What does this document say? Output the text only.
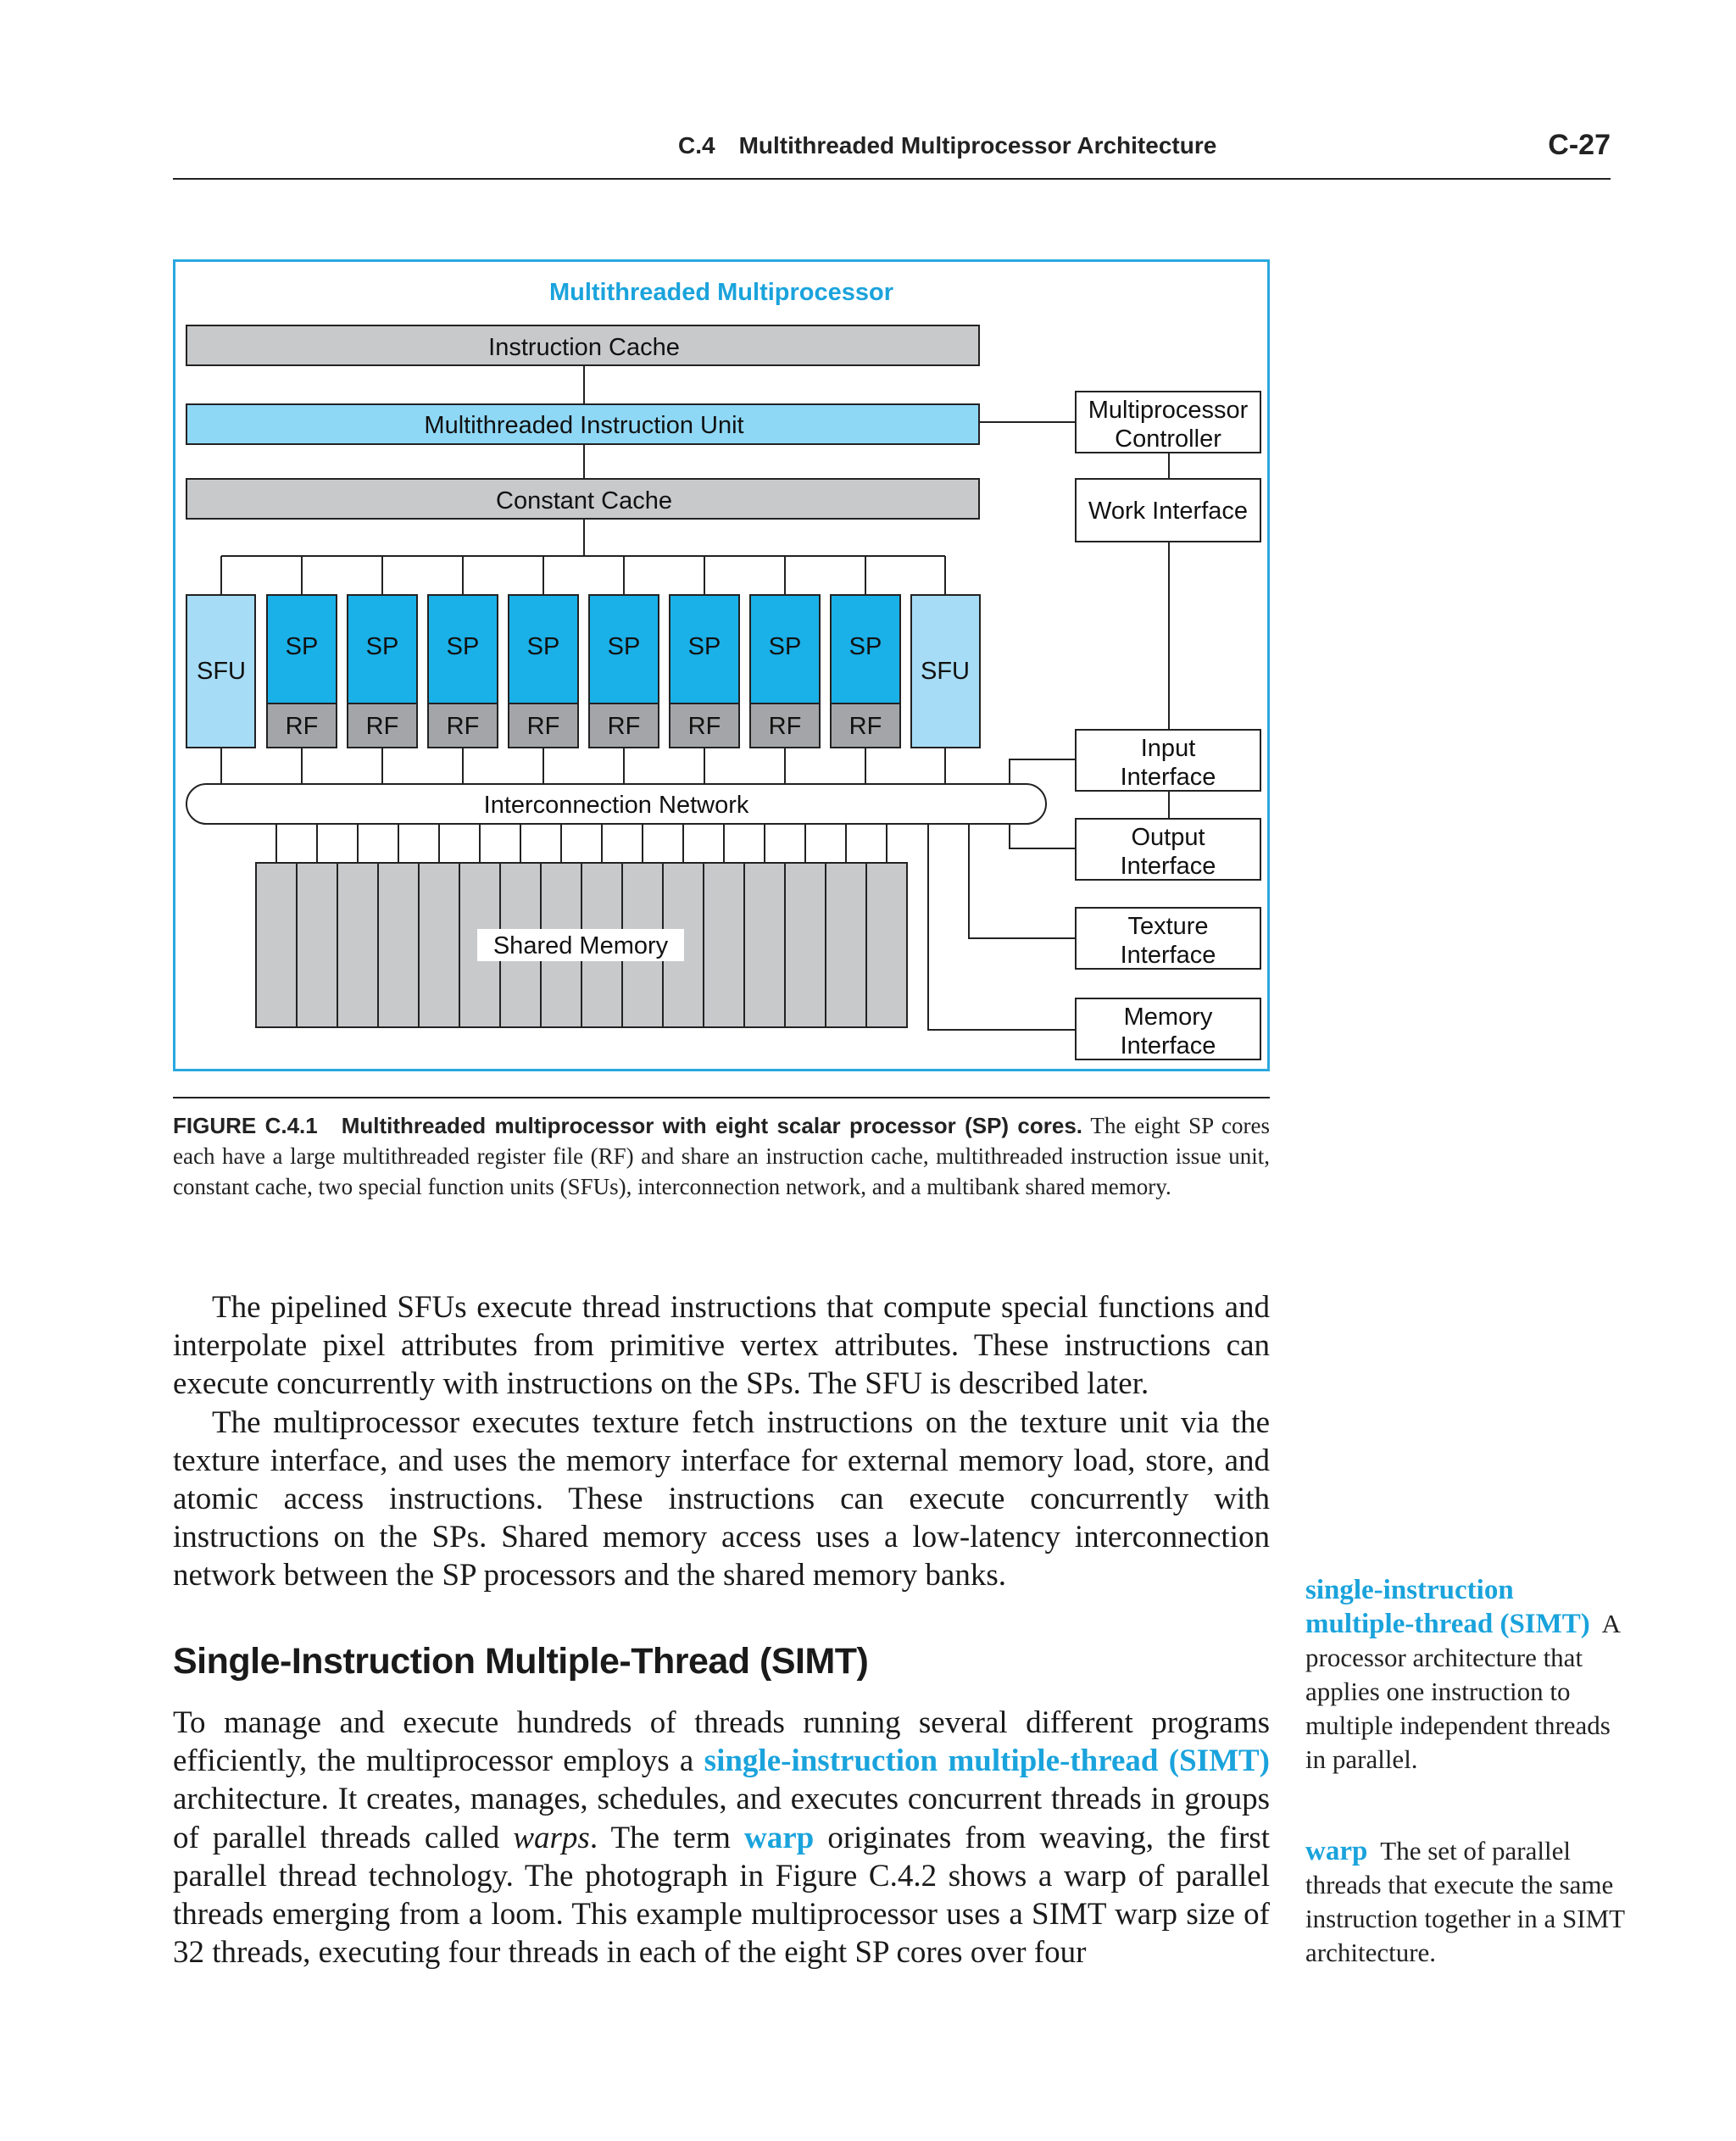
C.4 Multithreaded Multiprocessor Architecture	C-27
Multithreaded Multiprocessor
Instruction Cache
Multithreaded Instruction Unit
Constant Cache
SFU	SFU
SP
RF
SP
RF
SP
RF
SP
RF
SP
RF
SP
RF
SP
RF
SP
RF
Interconnection Network
Shared Memory
Multiprocessor
Controller
Work Interface
Input
Interface
Output
Interface
Texture
Interface
Memory
Interface
FIGURE C.4.1 Multithreaded multiprocessor with eight scalar processor (SP) cores. The eight SP cores each have a large multithreaded register file (RF) and share an instruction cache, multithreaded instruction issue unit, constant cache, two special function units (SFUs), interconnection network, and a multibank shared memory.

The pipelined SFUs execute thread instructions that compute special functions and interpolate pixel attributes from primitive vertex attributes. These instructions can execute concurrently with instructions on the SPs. The SFU is described later.

The multiprocessor executes texture fetch instructions on the texture unit via the texture interface, and uses the memory interface for external memory load, store, and atomic access instructions. These instructions can execute concurrently with instructions on the SPs. Shared memory access uses a low-latency interconnection network between the SP processors and the shared memory banks.

Single-Instruction Multiple-Thread (SIMT)

To manage and execute hundreds of threads running several different programs efficiently, the multiprocessor employs a single-instruction multiple-thread (SIMT) architecture. It creates, manages, schedules, and executes concurrent threads in groups of parallel threads called warps. The term warp originates from weaving, the first parallel thread technology. The photograph in Figure C.4.2 shows a warp of parallel threads emerging from a loom. This example multiprocessor uses a SIMT warp size of 32 threads, executing four threads in each of the eight SP cores over four

single-instruction multiple-thread (SIMT) A processor architecture that applies one instruction to multiple independent threads in parallel.
warp The set of parallel threads that execute the same instruction together in a SIMT architecture.
